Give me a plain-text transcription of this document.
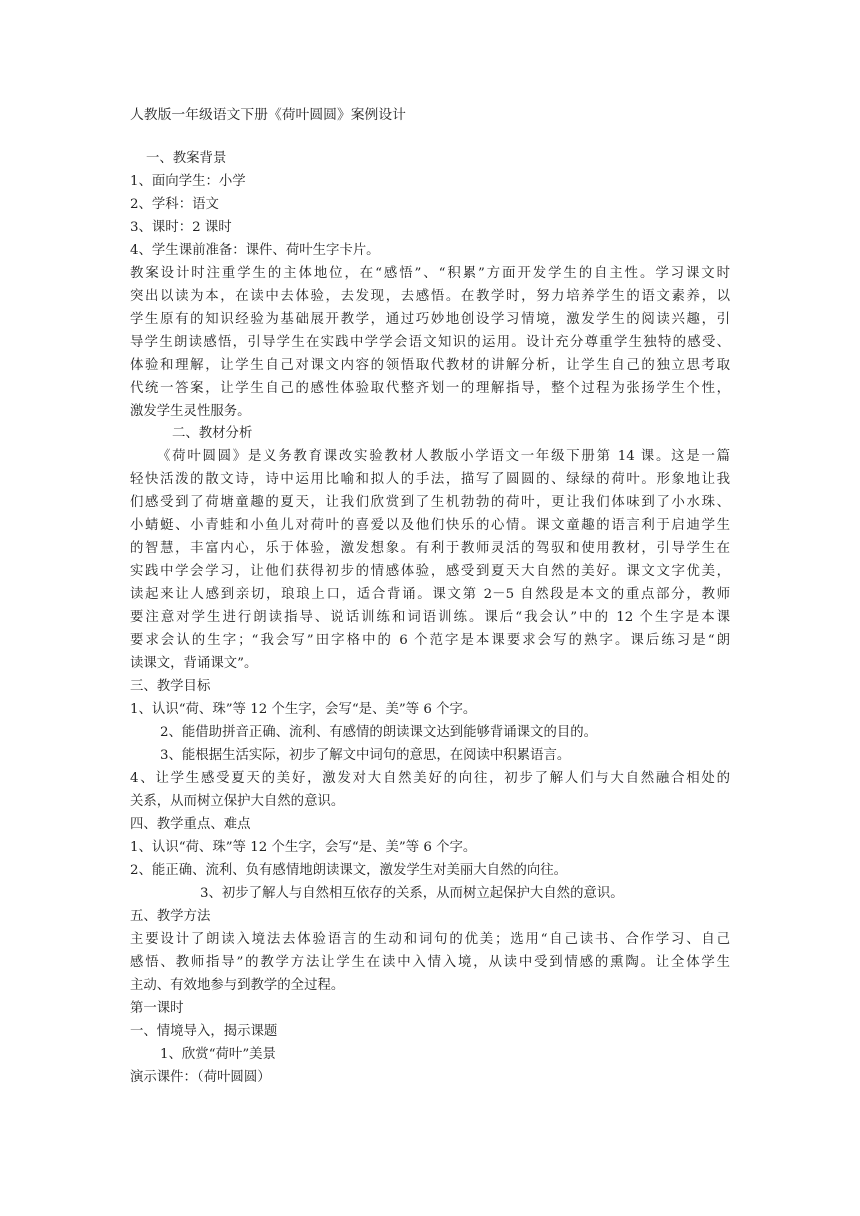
人教版一年级语文下册《荷叶圆圆》案例设计
一、教案背景
1、面向学生：小学
2、学科：语文
3、课时：2 课时
4、学生课前准备：课件、荷叶生字卡片。
教案设计时注重学生的主体地位，在“感悟”、“积累”方面开发学生的自主性。学习课文时
突出以读为本，在读中去体验，去发现，去感悟。在教学时，努力培养学生的语文素养，以
学生原有的知识经验为基础展开教学，通过巧妙地创设学习情境，激发学生的阅读兴趣，引
导学生朗读感悟，引导学生在实践中学学会语文知识的运用。设计充分尊重学生独特的感受、
体验和理解，让学生自己对课文内容的领悟取代教材的讲解分析，让学生自己的独立思考取
代统一答案，让学生自己的感性体验取代整齐划一的理解指导，整个过程为张扬学生个性，
激发学生灵性服务。
二、教材分析
《荷叶圆圆》是义务教育课改实验教材人教版小学语文一年级下册第 14 课。这是一篇
轻快活泼的散文诗，诗中运用比喻和拟人的手法，描写了圆圆的、绿绿的荷叶。形象地让我
们感受到了荷塘童趣的夏天，让我们欣赏到了生机勃勃的荷叶，更让我们体味到了小水珠、
小蜻蜓、小青蛙和小鱼儿对荷叶的喜爱以及他们快乐的心情。课文童趣的语言利于启迪学生
的智慧，丰富内心，乐于体验，激发想象。有利于教师灵活的驾驭和使用教材，引导学生在
实践中学会学习，让他们获得初步的情感体验，感受到夏天大自然的美好。课文文字优美，
读起来让人感到亲切，琅琅上口，适合背诵。课文第 2－5 自然段是本文的重点部分，教师
要注意对学生进行朗读指导、说话训练和词语训练。课后“我会认”中的 12 个生字是本课
要求会认的生字；“我会写”田字格中的 6 个范字是本课要求会写的熟字。课后练习是“朗
读课文，背诵课文”。
三、教学目标
1、认识“荷、珠”等 12 个生字，会写“是、美”等 6 个字。
2、能借助拼音正确、流利、有感情的朗读课文达到能够背诵课文的目的。
3、能根据生活实际，初步了解文中词句的意思，在阅读中积累语言。
4、让学生感受夏天的美好，激发对大自然美好的向往，初步了解人们与大自然融合相处的
关系，从而树立保护大自然的意识。
四、教学重点、难点
1、认识“荷、珠”等 12 个生字，会写“是、美”等 6 个字。
2、能正确、流利、负有感情地朗读课文，激发学生对美丽大自然的向往。
3、初步了解人与自然相互依存的关系，从而树立起保护大自然的意识。
五、教学方法
主要设计了朗读入境法去体验语言的生动和词句的优美；选用“自己读书、合作学习、自己
感悟、教师指导”的教学方法让学生在读中入情入境，从读中受到情感的熏陶。让全体学生
主动、有效地参与到教学的全过程。
第一课时
一、情境导入，揭示课题
1、欣赏“荷叶”美景
演示课件：（荷叶圆圆）
